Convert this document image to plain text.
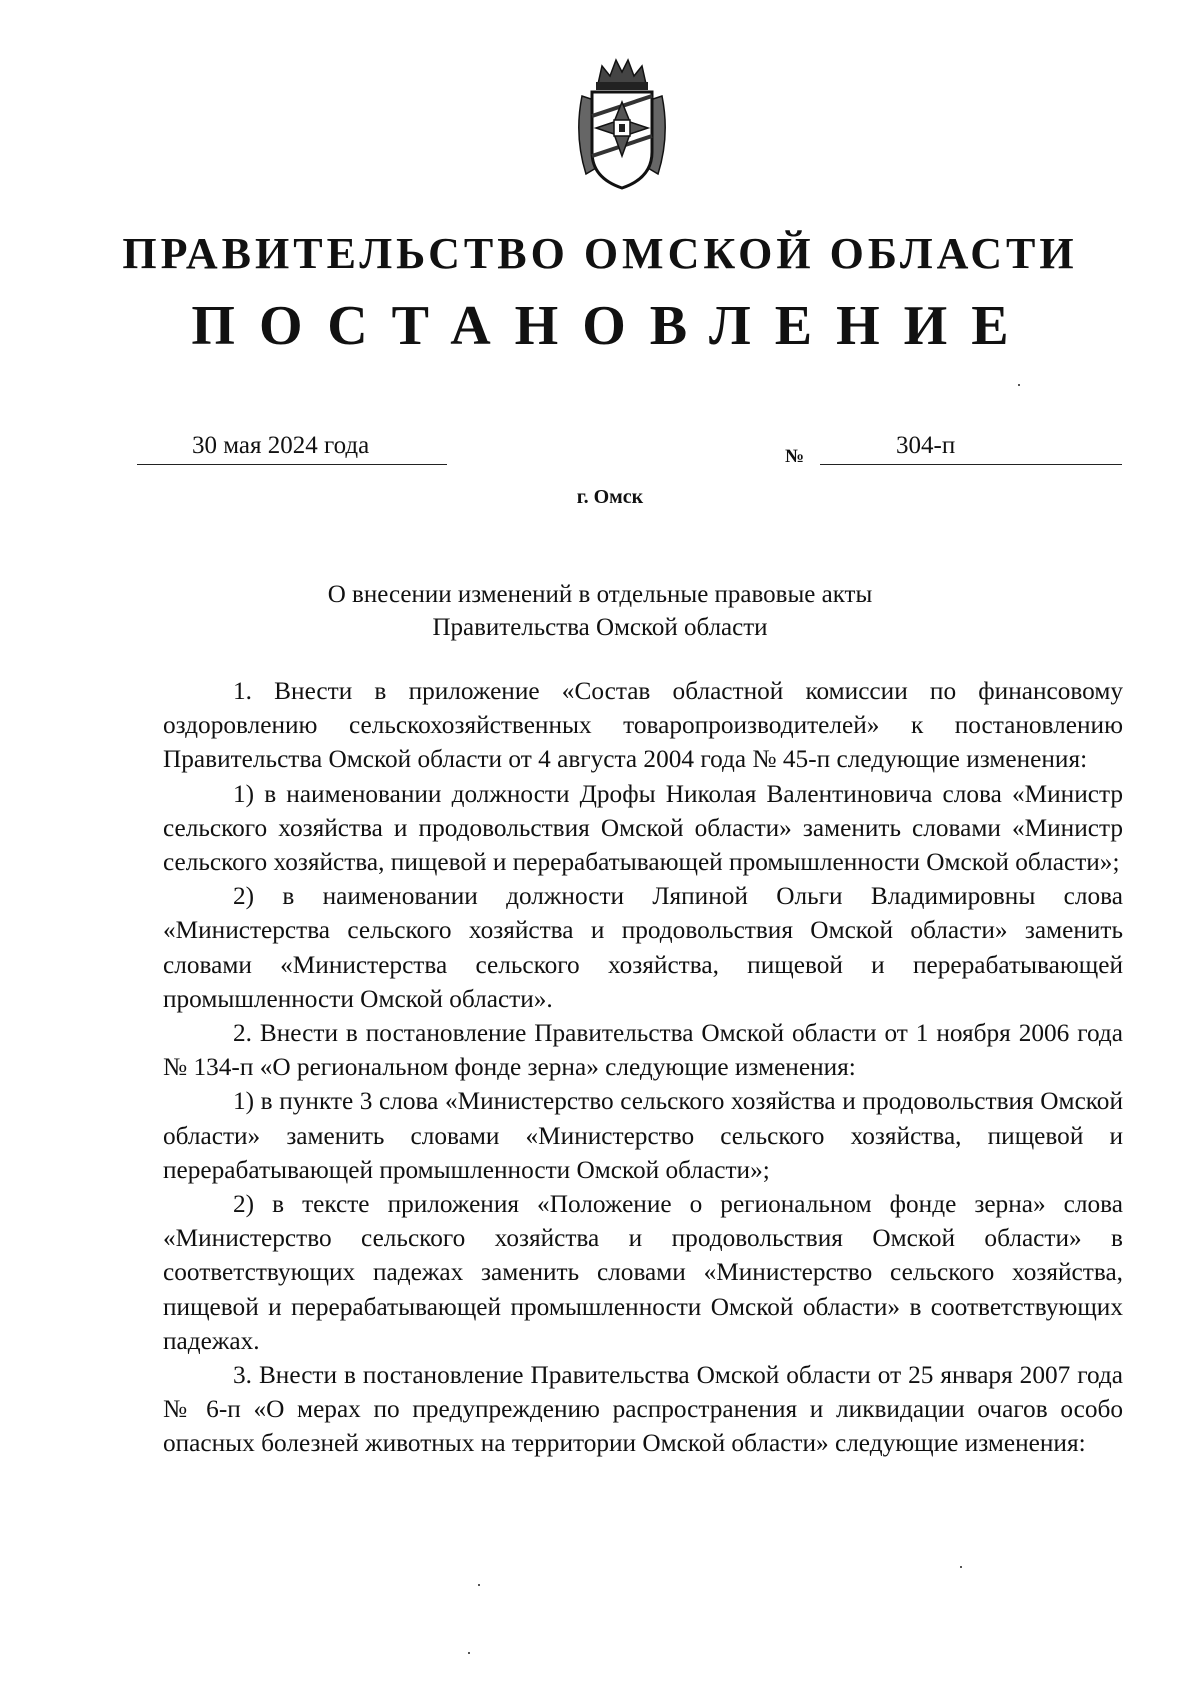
ПРАВИТЕЛЬСТВО ОМСКОЙ ОБЛАСТИ
ПОСТАНОВЛЕНИЕ
30 мая 2024 года	№	304-п
г. Омск
О внесении изменений в отдельные правовые акты
Правительства Омской области

1. Внести в приложение «Состав областной комиссии по финансовому оздоровлению сельскохозяйственных товаропроизводителей» к постановлению Правительства Омской области от 4 августа 2004 года № 45-п следующие изменения:

1) в наименовании должности Дрофы Николая Валентиновича слова «Министр сельского хозяйства и продовольствия Омской области» заменить словами «Министр сельского хозяйства, пищевой и перерабатывающей промышленности Омской области»;

2) в наименовании должности Ляпиной Ольги Владимировны слова «Министерства сельского хозяйства и продовольствия Омской области» заменить словами «Министерства сельского хозяйства, пищевой и перерабатывающей промышленности Омской области».

2. Внести в постановление Правительства Омской области от 1 ноября 2006 года № 134-п «О региональном фонде зерна» следующие изменения:

1) в пункте 3 слова «Министерство сельского хозяйства и продовольствия Омской области» заменить словами «Министерство сельского хозяйства, пищевой и перерабатывающей промышленности Омской области»;

2) в тексте приложения «Положение о региональном фонде зерна» слова «Министерство сельского хозяйства и продовольствия Омской области» в соответствующих падежах заменить словами «Министерство сельского хозяйства, пищевой и перерабатывающей промышленности Омской области» в соответствующих падежах.

3. Внести в постановление Правительства Омской области от 25 января 2007 года № 6-п «О мерах по предупреждению распространения и ликвидации очагов особо опасных болезней животных на территории Омской области» следующие изменения:
